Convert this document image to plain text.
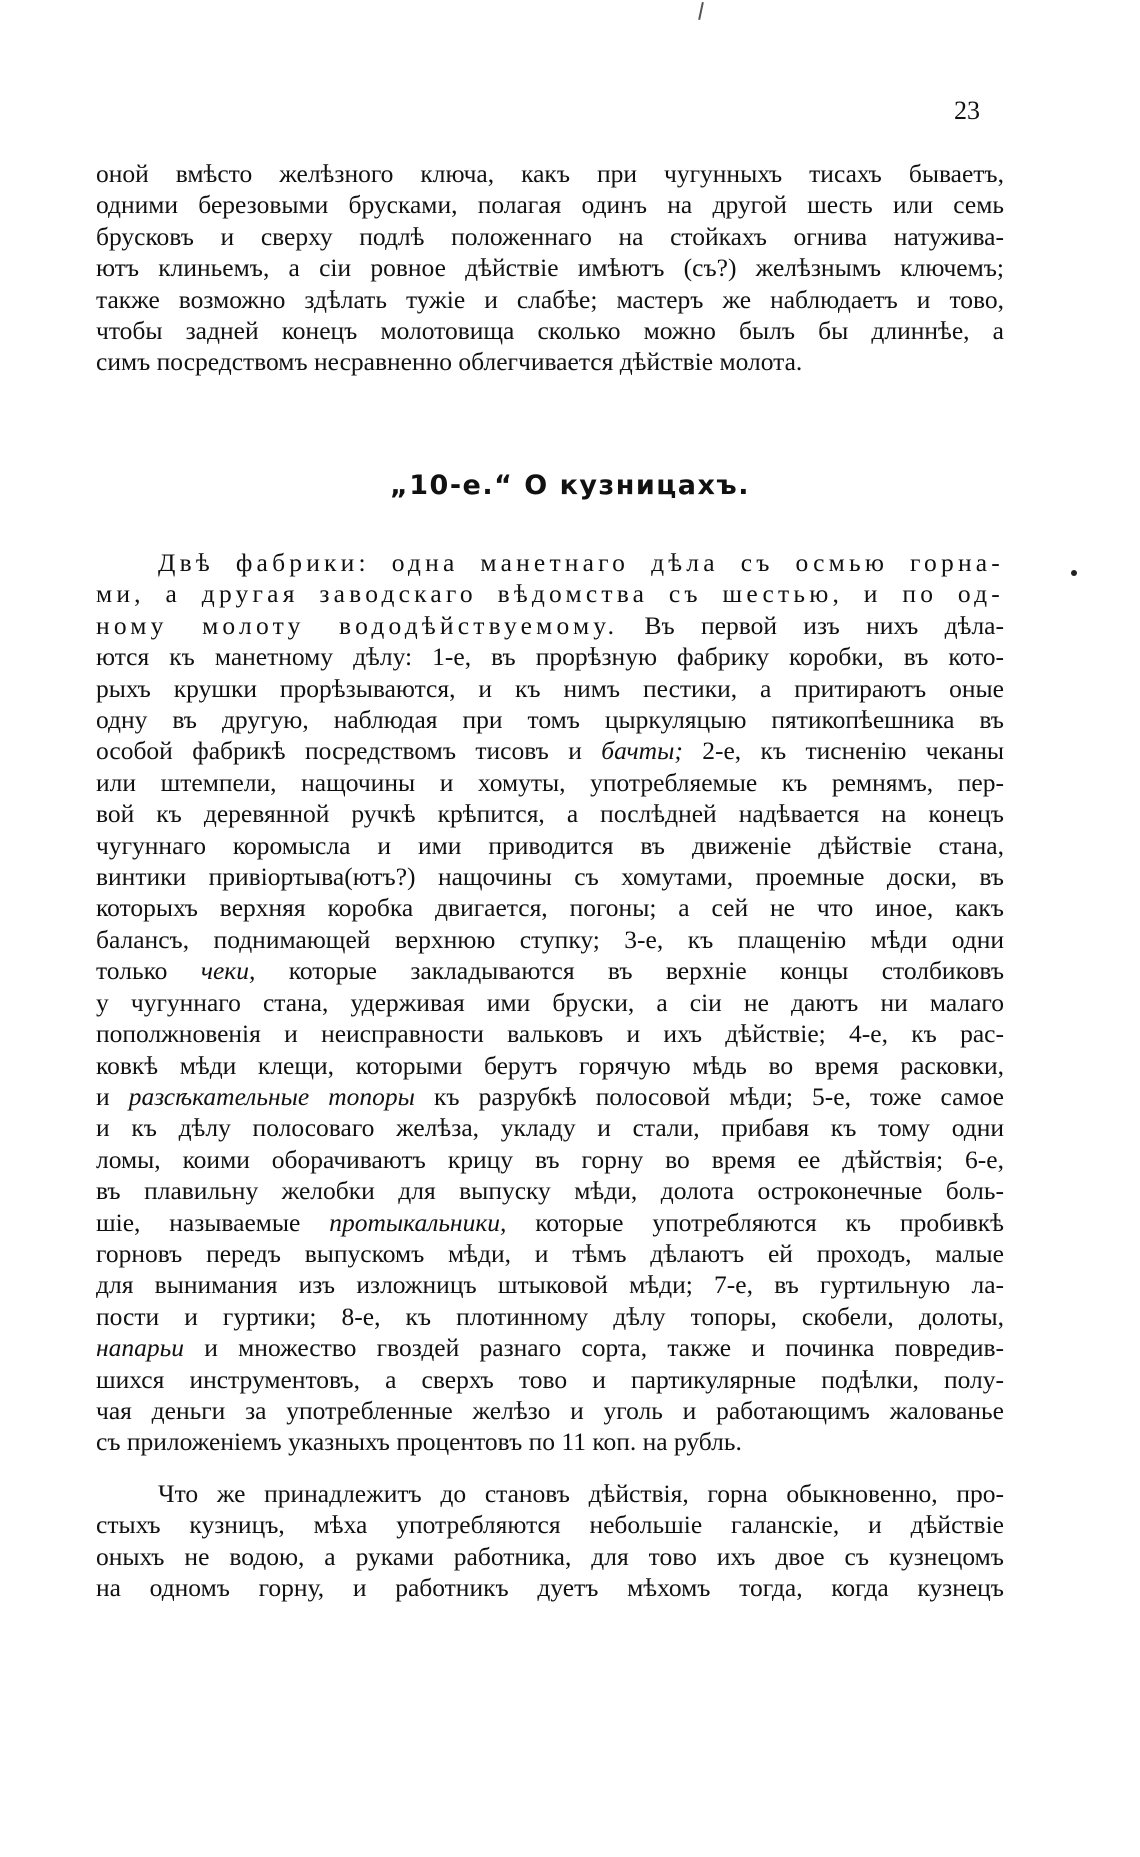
23
оной вмѣсто желѣзного ключа, какъ при чугунныхъ тисахъ бываетъ,
одними березовыми брусками, полагая одинъ на другой шесть или семь
брусковъ и сверху подлѣ положеннаго на стойкахъ огнива натужива-
ютъ клиньемъ, а сіи ровное дѣйствіе имѣютъ (съ?) желѣзнымъ ключемъ;
также возможно здѣлать тужіе и слабѣе; мастеръ же наблюдаетъ и тово,
чтобы задней конецъ молотовища сколько можно былъ бы длиннѣе, а
симъ посредствомъ несравненно облегчивается дѣйствіе молота.
„10-е.“ О кузницахъ.
Двѣ фабрики: одна манетнаго дѣла съ осмью горна-
ми, а другая заводскаго вѣдомства съ шестью, и по од-
ному молоту вододѣйствуемому. Въ первой изъ нихъ дѣла-
ются къ манетному дѣлу: 1-е, въ прорѣзную фабрику коробки, въ кото-
рыхъ крушки прорѣзываются, и къ нимъ пестики, а притираютъ оные
одну въ другую, наблюдая при томъ цыркуляцыю пятикопѣешника въ
особой фабрикѣ посредствомъ тисовъ и бачты; 2-е, къ тисненію чеканы
или штемпели, нащочины и хомуты, употребляемые къ ремнямъ, пер-
вой къ деревянной ручкѣ крѣпится, а послѣдней надѣвается на конецъ
чугуннаго коромысла и ими приводится въ движеніе дѣйствіе стана,
винтики привіортыва(ютъ?) нащочины съ хомутами, проемные доски, въ
которыхъ верхняя коробка двигается, погоны; а сей не что иное, какъ
балансъ, поднимающей верхнюю ступку; 3-е, къ плащенію мѣди одни
только чеки, которые закладываются въ верхніе концы столбиковъ
у чугуннаго стана, удерживая ими бруски, а сіи не даютъ ни малаго
пополжновенія и неисправности вальковъ и ихъ дѣйствіе; 4-е, къ рас-
ковкѣ мѣди клещи, которыми берутъ горячую мѣдь во время расковки,
и разсѣкательные топоры къ разрубкѣ полосовой мѣди; 5-е, тоже самое
и къ дѣлу полосоваго желѣза, укладу и стали, прибавя къ тому одни
ломы, коими оборачиваютъ крицу въ горну во время ее дѣйствія; 6-е,
въ плавильну желобки для выпуску мѣди, долота остроконечные боль-
шіе, называемые протыкальники, которые употребляются къ пробивкѣ
горновъ передъ выпускомъ мѣди, и тѣмъ дѣлаютъ ей проходъ, малые
для вынимания изъ изложницъ штыковой мѣди; 7-е, въ гуртильную ла-
пости и гуртики; 8-е, къ плотинному дѣлу топоры, скобели, долоты,
напарьи и множество гвоздей разнаго сорта, также и починка повредив-
шихся инструментовъ, а сверхъ тово и партикулярные подѣлки, полу-
чая деньги за употребленные желѣзо и уголь и работающимъ жалованье
съ приложеніемъ указныхъ процентовъ по 11 коп. на рубль.
Что же принадлежитъ до становъ дѣйствія, горна обыкновенно, про-
стыхъ кузницъ, мѣха употребляются небольшіе галанскіе, и дѣйствіе
оныхъ не водою, а руками работника, для тово ихъ двое съ кузнецомъ
на одномъ горну, и работникъ дуетъ мѣхомъ тогда, когда кузнецъ
